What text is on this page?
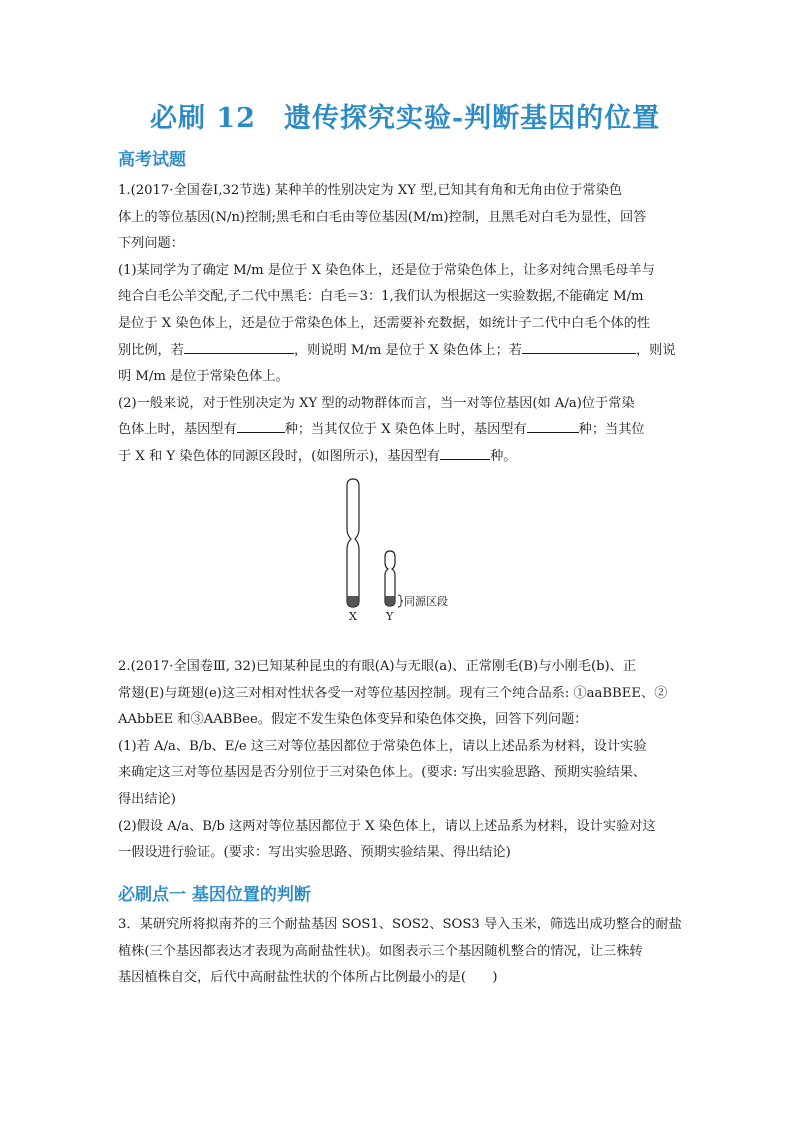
必刷 12　遗传探究实验-判断基因的位置
高考试题
1.(2017·全国卷Ⅰ,32节选) 某种羊的性别决定为 XY 型,已知其有角和无角由位于常染色
体上的等位基因(N/n)控制;黑毛和白毛由等位基因(M/m)控制，且黑毛对白毛为显性，回答
下列问题：
(1)某同学为了确定 M/m 是位于 X 染色体上，还是位于常染色体上，让多对纯合黑毛母羊与
纯合白毛公羊交配,子二代中黑毛：白毛＝3：1,我们认为根据这一实验数据,不能确定 M/m
是位于 X 染色体上，还是位于常染色体上，还需要补充数据，如统计子二代中白毛个体的性
别比例，若	，则说明 M/m 是位于 X 染色体上；若	，则说
明 M/m 是位于常染色体上。
(2)一般来说，对于性别决定为 XY 型的动物群体而言，当一对等位基因(如 A/a)位于常染
色体上时，基因型有	种；当其仅位于 X 染色体上时，基因型有	种；当其位
于 X 和 Y 染色体的同源区段时，(如图所示)，基因型有	种。
X	Y
同源区段
2.(2017·全国卷Ⅲ, 32)已知某种昆虫的有眼(A)与无眼(a)、正常刚毛(B)与小刚毛(b)、正
常翅(E)与斑翅(e)这三对相对性状各受一对等位基因控制。现有三个纯合品系: ①aaBBEE、②
AAbbEE 和③AABBee。假定不发生染色体变异和染色体交换，回答下列问题：
(1)若 A/a、B/b、E/e 这三对等位基因都位于常染色体上，请以上述品系为材料，设计实验
来确定这三对等位基因是否分别位于三对染色体上。(要求: 写出实验思路、预期实验结果、
得出结论)
(2)假设 A/a、B/b 这两对等位基因都位于 X 染色体上，请以上述品系为材料，设计实验对这
一假设进行验证。(要求：写出实验思路、预期实验结果、得出结论)
必刷点一 基因位置的判断
3．某研究所将拟南芥的三个耐盐基因 SOS1、SOS2、SOS3 导入玉米，筛选出成功整合的耐盐
植株(三个基因都表达才表现为高耐盐性状)。如图表示三个基因随机整合的情况，让三株转
基因植株自交，后代中高耐盐性状的个体所占比例最小的是(　　)
